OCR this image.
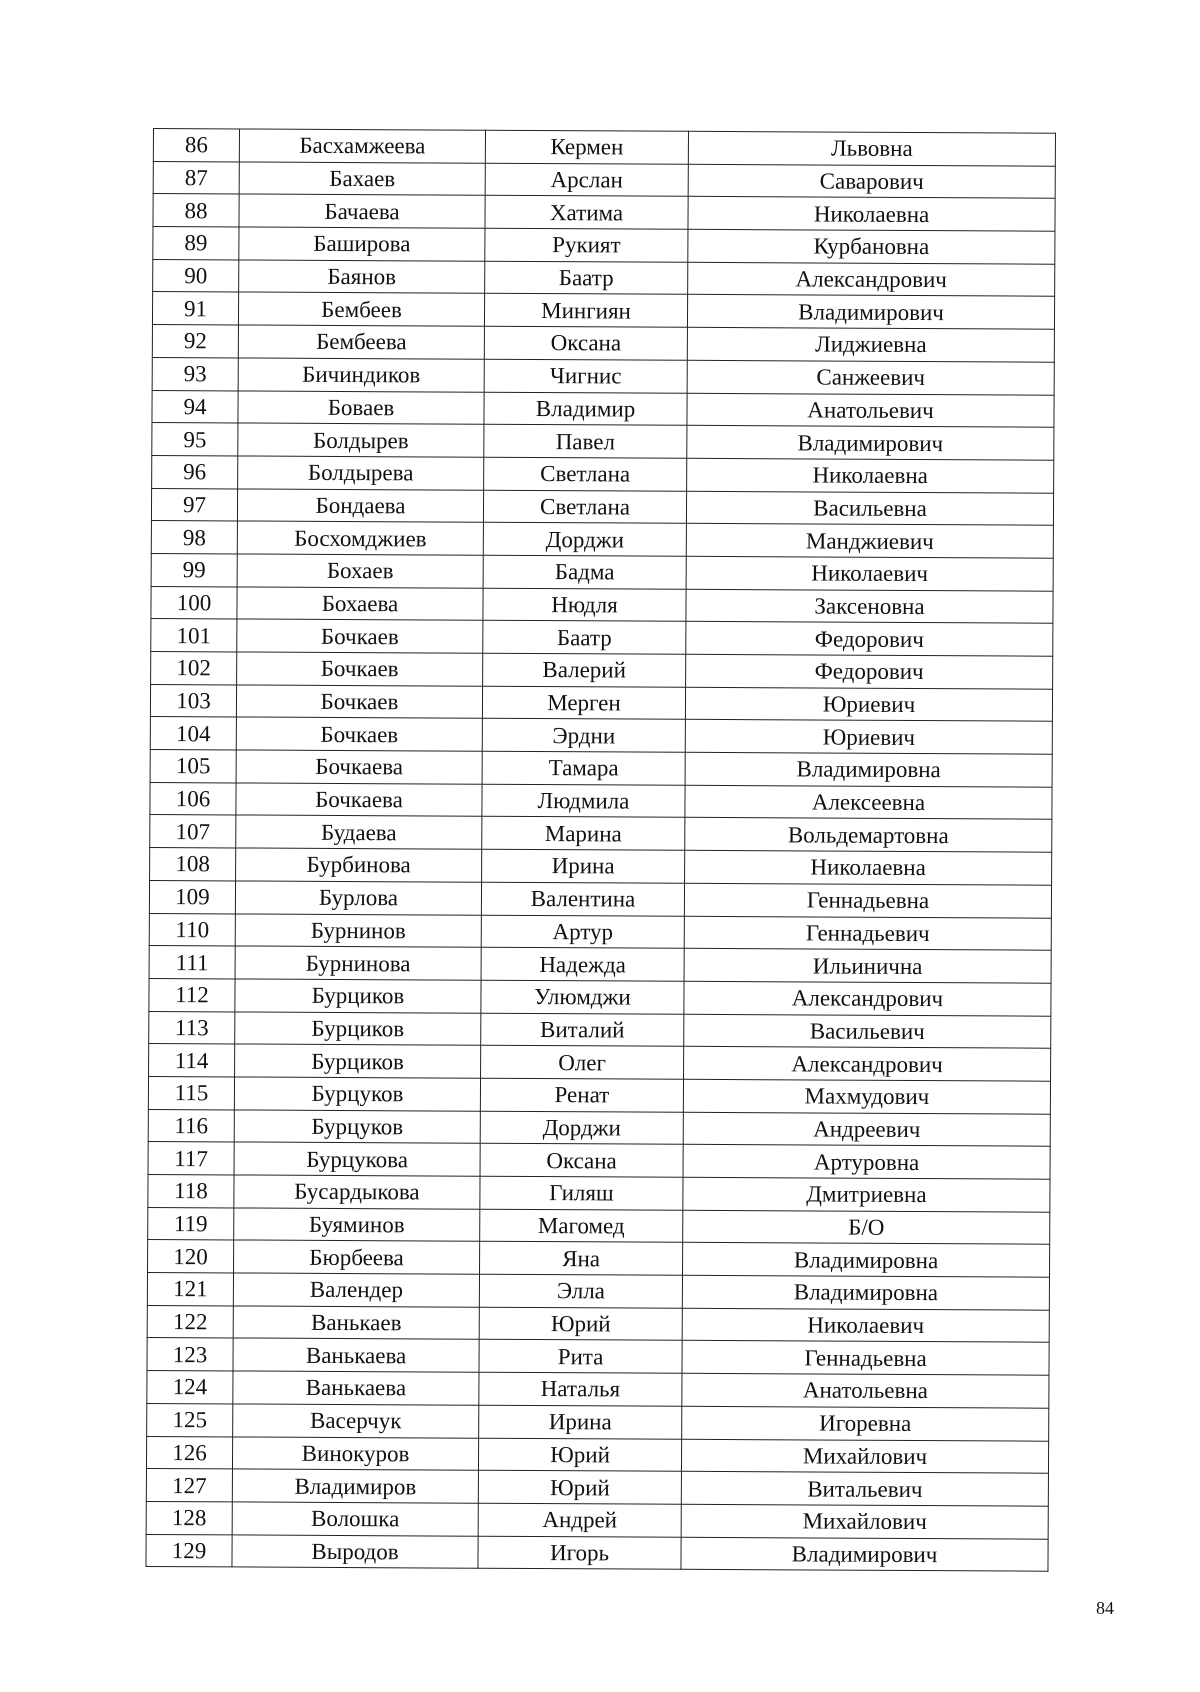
86	Басхамжеева	Кермен	Львовна
87	Бахаев	Арслан	Саварович
88	Бачаева	Хатима	Николаевна
89	Баширова	Рукият	Курбановна
90	Баянов	Баатр	Александрович
91	Бембеев	Мингиян	Владимирович
92	Бембеева	Оксана	Лиджиевна
93	Бичиндиков	Чигнис	Санжеевич
94	Боваев	Владимир	Анатольевич
95	Болдырев	Павел	Владимирович
96	Болдырева	Светлана	Николаевна
97	Бондаева	Светлана	Васильевна
98	Босхомджиев	Дорджи	Манджиевич
99	Бохаев	Бадма	Николаевич
100	Бохаева	Нюдля	Заксеновна
101	Бочкаев	Баатр	Федорович
102	Бочкаев	Валерий	Федорович
103	Бочкаев	Мерген	Юриевич
104	Бочкаев	Эрдни	Юриевич
105	Бочкаева	Тамара	Владимировна
106	Бочкаева	Людмила	Алексеевна
107	Будаева	Марина	Вольдемартовна
108	Бурбинова	Ирина	Николаевна
109	Бурлова	Валентина	Геннадьевна
110	Бурнинов	Артур	Геннадьевич
111	Бурнинова	Надежда	Ильинична
112	Бурциков	Улюмджи	Александрович
113	Бурциков	Виталий	Васильевич
114	Бурциков	Олег	Александрович
115	Бурцуков	Ренат	Махмудович
116	Бурцуков	Дорджи	Андреевич
117	Бурцукова	Оксана	Артуровна
118	Бусардыкова	Гиляш	Дмитриевна
119	Буяминов	Магомед	Б/О
120	Бюрбеева	Яна	Владимировна
121	Валендер	Элла	Владимировна
122	Ванькаев	Юрий	Николаевич
123	Ванькаева	Рита	Геннадьевна
124	Ванькаева	Наталья	Анатольевна
125	Васерчук	Ирина	Игоревна
126	Винокуров	Юрий	Михайлович
127	Владимиров	Юрий	Витальевич
128	Волошка	Андрей	Михайлович
129	Выродов	Игорь	Владимирович
84
